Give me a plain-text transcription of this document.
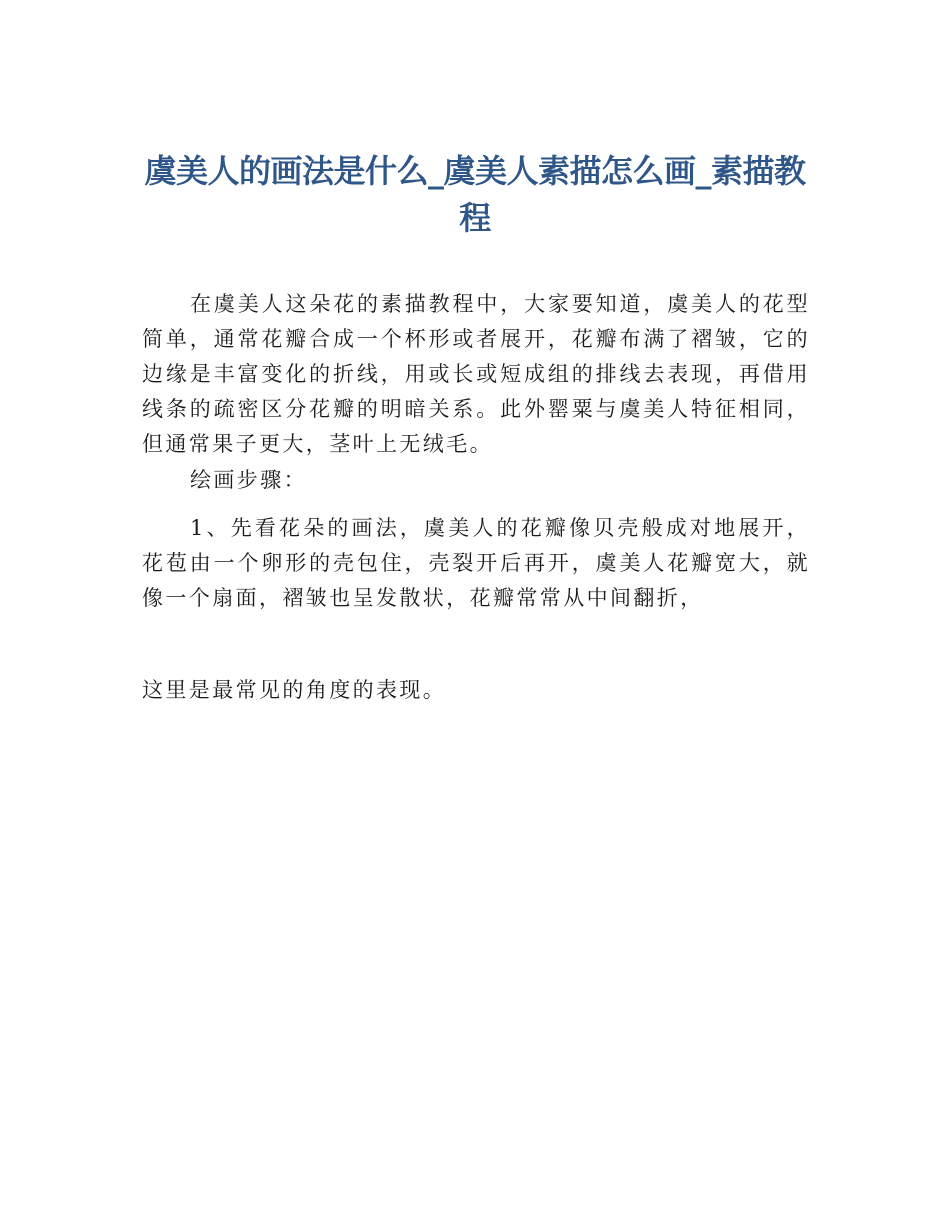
虞美人的画法是什么_虞美人素描怎么画_素描教程

在虞美人这朵花的素描教程中，大家要知道，虞美人的花型简单，通常花瓣合成一个杯形或者展开，花瓣布满了褶皱，它的边缘是丰富变化的折线，用或长或短成组的排线去表现，再借用线条的疏密区分花瓣的明暗关系。此外罂粟与虞美人特征相同，但通常果子更大，茎叶上无绒毛。

绘画步骤：

1、先看花朵的画法，虞美人的花瓣像贝壳般成对地展开，花苞由一个卵形的壳包住，壳裂开后再开，虞美人花瓣宽大，就像一个扇面，褶皱也呈发散状，花瓣常常从中间翻折，

这里是最常见的角度的表现。
